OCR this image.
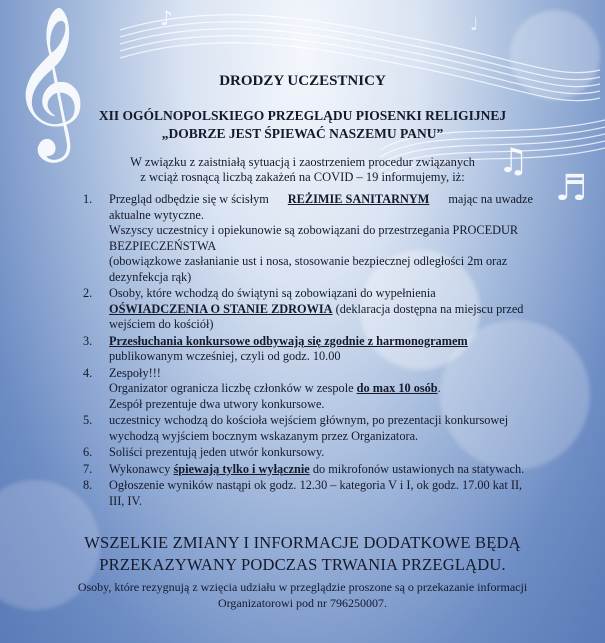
𝄞
♫
♬
♪	♩
DRODZY UCZESTNICY
XII OGÓLNOPOLSKIEGO PRZEGLĄDU PIOSENKI RELIGIJNEJ
„DOBRZE JEST ŚPIEWAĆ NASZEMU PANU”
W związku z zaistniałą sytuacją i zaostrzeniem procedur związanych
z wciąż rosnącą liczbą zakażeń na COVID – 19 informujemy, iż:
1. Przegląd odbędzie się w ścisłym REŻIMIE SANITARNYM mając na uwadze
aktualne wytyczne.
Wszyscy uczestnicy i opiekunowie są zobowiązani do przestrzegania PROCEDUR
BEZPIECZEŃSTWA
(obowiązkowe zasłanianie ust i nosa, stosowanie bezpiecznej odległości 2m oraz
dezynfekcja rąk)
2. Osoby, które wchodzą do świątyni są zobowiązani do wypełnienia
OŚWIADCZENIA O STANIE ZDROWIA (deklaracja dostępna na miejscu przed
wejściem do kościół)
3. Przesłuchania konkursowe odbywają się zgodnie z harmonogramem
publikowanym wcześniej, czyli od godz. 10.00
4. Zespoły!!!
Organizator ogranicza liczbę członków w zespole do max 10 osób.
Zespół prezentuje dwa utwory konkursowe.
5. uczestnicy wchodzą do kościoła wejściem głównym, po prezentacji konkursowej
wychodzą wyjściem bocznym wskazanym przez Organizatora.
6. Soliści prezentują jeden utwór konkursowy.
7. Wykonawcy śpiewają tylko i wyłącznie do mikrofonów ustawionych na statywach.
8. Ogłoszenie wyników nastąpi ok godz. 12.30 – kategoria V i I, ok godz. 17.00 kat II,
III, IV.
WSZELKIE ZMIANY I INFORMACJE DODATKOWE BĘDĄ
PRZEKAZYWANY PODCZAS TRWANIA PRZEGLĄDU.
Osoby, które rezygnują z wzięcia udziału w przeglądzie proszone są o przekazanie informacji
Organizatorowi pod nr 796250007.
